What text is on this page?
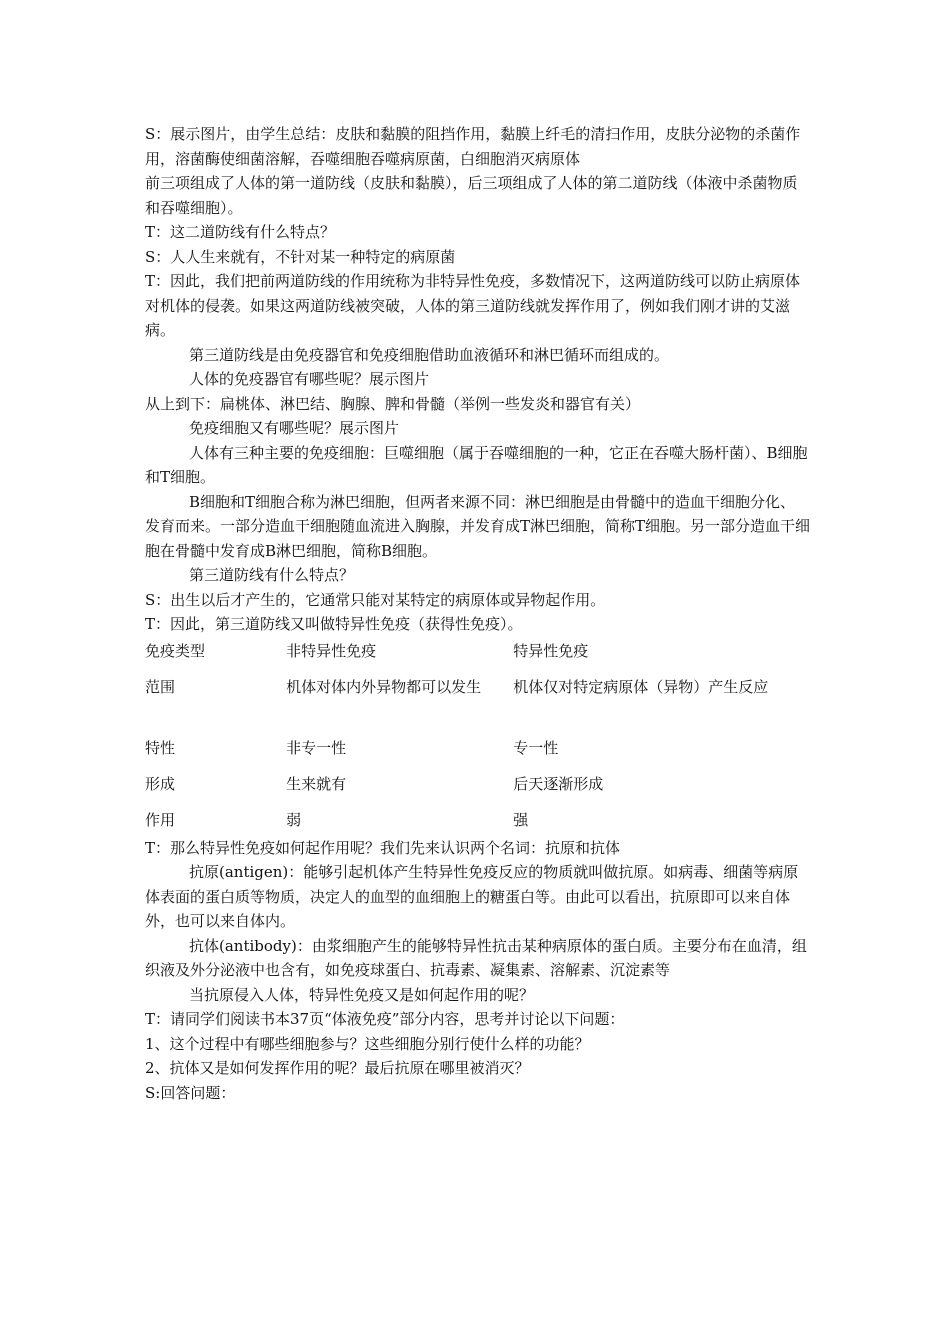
S：展示图片，由学生总结：皮肤和黏膜的阻挡作用，黏膜上纤毛的清扫作用，皮肤分泌物的杀菌作用，溶菌酶使细菌溶解，吞噬细胞吞噬病原菌，白细胞消灭病原体

前三项组成了人体的第一道防线（皮肤和黏膜），后三项组成了人体的第二道防线（体液中杀菌物质和吞噬细胞）。

T：这二道防线有什么特点？

S：人人生来就有，不针对某一种特定的病原菌

T：因此，我们把前两道防线的作用统称为非特异性免疫，多数情况下，这两道防线可以防止病原体对机体的侵袭。如果这两道防线被突破，人体的第三道防线就发挥作用了，例如我们刚才讲的艾滋病。

第三道防线是由免疫器官和免疫细胞借助血液循环和淋巴循环而组成的。

人体的免疫器官有哪些呢？展示图片

从上到下：扁桃体、淋巴结、胸腺、脾和骨髓（举例一些发炎和器官有关）

免疫细胞又有哪些呢？展示图片

人体有三种主要的免疫细胞：巨噬细胞（属于吞噬细胞的一种，它正在吞噬大肠杆菌）、B细胞和T细胞。

B细胞和T细胞合称为淋巴细胞，但两者来源不同：淋巴细胞是由骨髓中的造血干细胞分化、发育而来。一部分造血干细胞随血流进入胸腺，并发育成T淋巴细胞，简称T细胞。另一部分造血干细胞在骨髓中发育成B淋巴细胞，简称B细胞。

第三道防线有什么特点？

S：出生以后才产生的，它通常只能对某特定的病原体或异物起作用。

T：因此，第三道防线又叫做特异性免疫（获得性免疫）。

免疫类型	非特异性免疫	特异性免疫
范围	机体对体内外异物都可以发生	机体仅对特定病原体（异物）产生反应
特性	非专一性	专一性
形成	生来就有	后天逐渐形成
作用	弱	强

T：那么特异性免疫如何起作用呢？我们先来认识两个名词：抗原和抗体

抗原(antigen)：能够引起机体产生特异性免疫反应的物质就叫做抗原。如病毒、细菌等病原体表面的蛋白质等物质，决定人的血型的血细胞上的糖蛋白等。由此可以看出，抗原即可以来自体外，也可以来自体内。

抗体(antibody)：由浆细胞产生的能够特异性抗击某种病原体的蛋白质。主要分布在血清，组织液及外分泌液中也含有，如免疫球蛋白、抗毒素、凝集素、溶解素、沉淀素等

当抗原侵入人体，特异性免疫又是如何起作用的呢？

T：请同学们阅读书本37页“体液免疫”部分内容，思考并讨论以下问题：

1、这个过程中有哪些细胞参与？这些细胞分别行使什么样的功能？

2、抗体又是如何发挥作用的呢？最后抗原在哪里被消灭？

S:回答问题：
